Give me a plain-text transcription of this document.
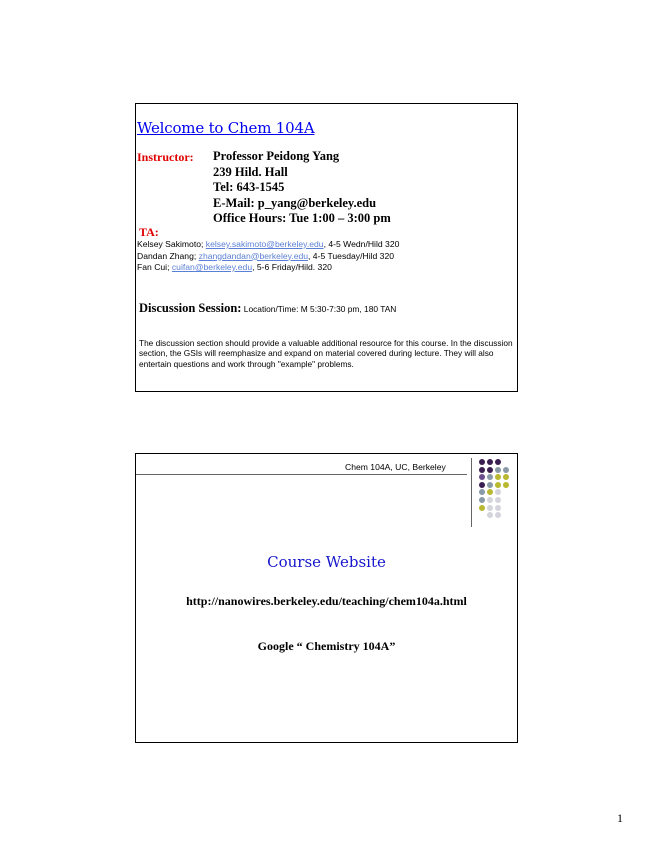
Welcome to Chem 104A
Instructor: Professor Peidong Yang
239 Hild. Hall
Tel: 643-1545
E-Mail: p_yang@berkeley.edu
Office Hours: Tue 1:00 – 3:00 pm
TA:
Kelsey Sakimoto; kelsey.sakimoto@berkeley.edu, 4-5 Wedn/Hild 320
Dandan Zhang; zhangdandan@berkeley.edu, 4-5 Tuesday/Hild 320
Fan Cui; cuifan@berkeley.edu, 5-6 Friday/Hild. 320
Discussion Session: Location/Time: M 5:30-7:30 pm, 180 TAN
The discussion section should provide a valuable additional resource for this course. In the discussion section, the GSIs will reemphasize and expand on material covered during lecture. They will also entertain questions and work through "example" problems.
Chem 104A, UC, Berkeley
Course Website
http://nanowires.berkeley.edu/teaching/chem104a.html
Google “ Chemistry 104A”
1
